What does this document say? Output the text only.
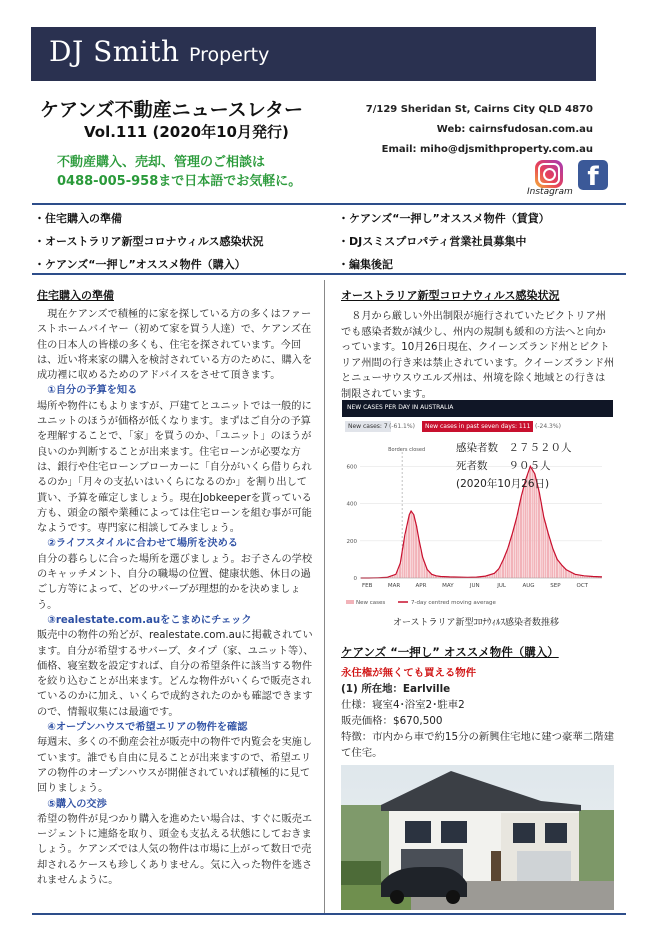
DJ Smith Property
ケアンズ不動産ニュースレター
Vol.111 (2020年10月発行)
不動産購入、売却、管理のご相談は
0488-005-958まで日本語でお気軽に。
7/129 Sheridan St, Cairns City QLD 4870
Web: cairnsfudosan.com.au
Email: miho@djsmithproperty.com.au
Instagram f
・住宅購入の準備
・オーストラリア新型コロナウィルス感染状況
・ケアンズ“一押し”オススメ物件（購入）
・ケアンズ“一押し”オススメ物件（賃貸）
・DJスミスプロパティ営業社員募集中
・編集後記
住宅購入の準備

現在ケアンズで積極的に家を探している方の多くはファーストホームバイヤー（初めて家を買う人達）で、ケアンズ在住の日本人の皆様の多くも、住宅を探されています。今回は、近い将来家の購入を検討されている方のために、購入を成功裡に収めるためのアドバイスをさせて頂きます。

①自分の予算を知る

場所や物件にもよりますが、戸建てとユニットでは一般的にユニットのほうが価格が低くなります。まずはご自分の予算を理解することで、「家」を買うのか、「ユニット」のほうが良いのか判断することが出来ます。住宅ローンが必要な方は、銀行や住宅ローンブローカーに「自分がいくら借りられるのか」「月々の支払いはいくらになるのか」を割り出して貰い、予算を確定しましょう。現在Jobkeeperを貰っている方も、頭金の額や業種によっては住宅ローンを組む事が可能なようです。専門家に相談してみましょう。

②ライフスタイルに合わせて場所を決める

自分の暮らしに合った場所を選びましょう。お子さんの学校のキャッチメント、自分の職場の位置、健康状態、休日の過ごし方等によって、どのサバーブが理想的かを決めましょう。

③realestate.com.auをこまめにチェック

販売中の物件の殆どが、realestate.com.auに掲載されています。自分が希望するサバーブ、タイプ（家、ユニット等）、価格、寝室数を設定すれば、自分の希望条件に該当する物件を絞り込むことが出来ます。どんな物件がいくらで販売されているのかに加え、いくらで成約されたのかも確認できますので、情報収集には最適です。

④オープンハウスで希望エリアの物件を確認

毎週末、多くの不動産会社が販売中の物件で内覧会を実施しています。誰でも自由に見ることが出来ますので、希望エリアの物件のオープンハウスが開催されていれば積極的に見て回りましょう。

⑤購入の交渉

希望の物件が見つかり購入を進めたい場合は、すぐに販売エージェントに連絡を取り、頭金も支払える状態にしておきましょう。ケアンズでは人気の物件は市場に上がって数日で売却されるケースも珍しくありません。気に入った物件を逃されませんように。

オーストラリア新型コロナウィルス感染状況

８月から厳しい外出制限が施行されていたビクトリア州でも感染者数が減少し、州内の規制も緩和の方法へと向かっています。10月26日現在、クイーンズランド州とビクトリア州間の行き来は禁止されています。クイーンズランド州とニューサウスウエルズ州は、州境を除く地域との行きは制限されています。

NEW CASES PER DAY IN AUSTRALIA
New cases: 7 (-61.1%)	New cases in past seven days: 111 (-24.3%)
0
200
400
600
Borders closed
FEB	MAR	APR	MAY	JUN	JUL	AUG	SEP	OCT
New cases	7-day centred moving average
感染者数　２７５２０人
死者数　　９０５人
(2020年10月26日)
オーストラリア新型ｺﾛﾅｳｨﾙｽ感染者数推移
ケアンズ “一押し” オススメ物件（購入）

永住権が無くても買える物件

(1) 所在地：Earlville

仕様：寝室4･浴室2･駐車2

販売価格：$670,500

特徴：市内から車で約15分の新興住宅地に建つ豪華二階建て住宅。
